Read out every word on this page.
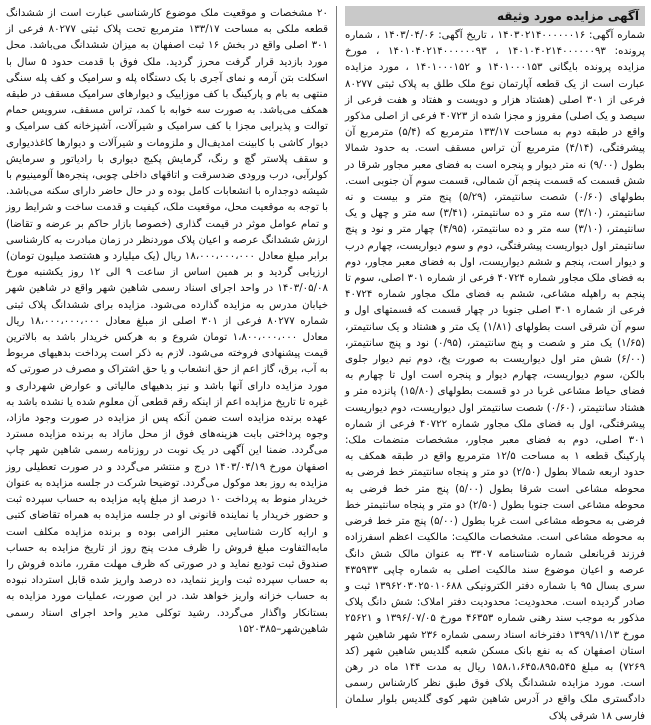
۲۰ مشخصات و موقعیت ملک موضوع کارشناسی عبارت است از ششدانگ قطعه ملکی به مساحت ۱۳۳/۱۷ مترمربع تحت پلاک ثبتی ۸۰۲۷۷ فرعی از ۳۰۱ اصلی واقع در بخش ۱۶ ثبت اصفهان به میزان ششدانگ می‌باشد. محل مورد بازدید قرار گرفت محرز گردید. ملک فوق با قدمت حدود ۵ سال با اسکلت بتن آرمه و نمای آجری با یک دستگاه پله و سرامیک و کف پله سنگی منتهی به بام و پارکینگ با کف موزاییک و دیوارهای سرامیک مسقف در طبقه همکف می‌باشد. به صورت سه خوابه با کمد، تراس مسقف، سرویس حمام توالت و پذیرایی مجزا با کف سرامیک و شیرآلات، آشپزخانه کف سرامیک و دیوار کاشی با کابینت امدیف‌ال و ملزومات و شیرآلات و دیوارها کاغذدیواری و سقف پلاستر گچ و رنگ، گرمایش پکیج دیواری با رادیاتور و سرمایش کولرآبی، درب ورودی ضدسرقت و اتاقهای داخلی چوبی، پنجره‌ها آلومینیوم با شیشه دوجداره با انشعابات کامل بوده و در حال حاضر دارای سکنه می‌باشد. با توجه به موقعیت محل، موقعیت ملک، کیفیت و قدمت ساخت و شرایط روز و تمام عوامل موثر در قیمت گذاری (خصوصا بازار حاکم بر عرضه و تقاضا) ارزش ششدانگ عرصه و اعیان پلاک موردنظر در زمان مبادرت به کارشناسی برابر مبلغ معادل ۱۸،۰۰۰،۰۰۰،۰۰۰ ریال (یک میلیارد و هشتصد میلیون تومان) ارزیابی گردید و بر همین اساس از ساعت ۹ الی ۱۲ روز یکشنبه مورخ ۱۴۰۳/۰۵/۰۸ در واحد اجرای اسناد رسمی شاهین شهر واقع در شاهین شهر خیابان مدرس به مزایده گذارده می‌شود. مزایده برای ششدانگ پلاک ثبتی شماره ۸۰۲۷۷ فرعی از ۳۰۱ اصلی از مبلغ معادل ۱۸،۰۰۰،۰۰۰،۰۰۰ ریال معادل ۱،۸۰۰،۰۰۰،۰۰۰ تومان شروع و به هرکس خریدار باشد به بالاترین قیمت پیشنهادی فروخته می‌شود. لازم به ذکر است پرداخت بدهیهای مربوط به آب، برق، گاز اعم از حق انشعاب و یا حق اشتراک و مصرف در صورتی که مورد مزایده دارای آنها باشد و نیز بدهیهای مالیاتی و عوارض شهرداری و غیره تا تاریخ مزایده اعم از اینکه رقم قطعی آن معلوم شده یا نشده باشد به عهده برنده مزایده است ضمن آنکه پس از مزایده در صورت وجود مازاد، وجوه پرداختی بابت هزینه‌های فوق از محل مازاد به برنده مزایده مسترد می‌گردد. ضمنا این آگهی در یک نوبت در روزنامه رسمی شاهین شهر چاپ اصفهان مورخ ۱۴۰۳/۰۴/۱۹ درج و منتشر می‌گردد و در صورت تعطیلی روز مزایده به روز بعد موکول می‌گردد. توضیحا شرکت در جلسه مزایده به عنوان خریدار منوط به پرداخت ۱۰ درصد از مبلغ پایه مزایده به حساب سپرده ثبت و حضور خریدار یا نماینده قانونی او در جلسه مزایده به همراه تقاضای کتبی و ارایه کارت شناسایی معتبر الزامی بوده و برنده مزایده مکلف است مابه‌التفاوت مبلغ فروش را ظرف مدت پنج روز از تاریخ مزایده به حساب صندوق ثبت تودیع نماید و در صورتی که ظرف مهلت مقرر، مانده فروش را به حساب سپرده ثبت واریز ننماید، ده درصد واریز شده قابل استرداد نبوده به حساب خزانه واریز خواهد شد. در این صورت، عملیات مورد مزایده به بستانکار واگذار می‌گردد. رشید توکلی مدیر واحد اجرای اسناد رسمی شاهین‌شهر–۱۵۲۰۳۸۵

آگهی مزایده مورد وثیقه

شماره آگهی: ۱۴۰۳۰۲۱۴۰۰۰۰۰۰۱۶ ، تاریخ آگهی: ۱۴۰۳/۰۴/۰۶ ، شماره پرونده: ۱۴۰۱۰۴۰۲۱۴۰۰۰۰۰۰۹۳ ، ۱۴۰۱۰۴۰۲۱۴۰۰۰۰۰۰۹۳ ، مورخ مزایده پرونده بایگانی ۱۴۰۱۰۰۰۱۵۳ و ۱۴۰۱۰۰۰۱۵۲ ، مورد مزایده عبارت است از یک قطعه آپارتمان نوع ملک طلق به پلاک ثبتی ۸۰۲۷۷ فرعی از ۳۰۱ اصلی (هشتاد هزار و دویست و هفتاد و هفت فرعی از سیصد و یک اصلی) مفروز و مجزا شده از ۴۰۷۲۳ فرعی از اصلی مذکور واقع در طبقه دوم به مساحت ۱۳۳/۱۷ مترمربع که (۵/۴) مترمربع آن پیشرفتگی، (۴/۱۴) مترمربع آن تراس مسقف است. به حدود شمالا بطول (۹/۰۰) نه متر دیوار و پنجره است به فضای معبر مجاور شرقا در شش قسمت که قسمت پنجم آن شمالی، قسمت سوم آن جنوبی است. بطولهای (۰/۶۰) شصت سانتیمتر، (۵/۲۹) پنج متر و بیست و نه سانتیمتر، (۳/۱۰) سه متر و ده سانتیمتر، (۳/۴۱) سه متر و چهل و یک سانتیمتر، (۳/۱۰) سه متر و ده سانتیمتر، (۴/۹۵) چهار متر و نود و پنج سانتیمتر اول دیواریست پیشرفتگی، دوم و سوم دیواریست، چهارم درب و دیوار است، پنجم و ششم دیواریست، اول به فضای معبر مجاور، دوم به فضای ملک مجاور شماره ۴۰۷۲۴ فرعی از شماره ۳۰۱ اصلی، سوم تا پنجم به راهپله مشاعی، ششم به فضای ملک مجاور شماره ۴۰۷۲۴ فرعی از شماره ۳۰۱ اصلی جنوبا در چهار قسمت که قسمتهای اول و سوم آن شرقی است بطولهای (۱/۸۱) یک متر و هشتاد و یک سانتیمتر، (۱/۶۵) یک متر و شصت و پنج سانتیمتر، (۰/۹۵) نود و پنج سانتیمتر، (۶/۰۰) شش متر اول دیواریست به صورت پخ، دوم نیم دیوار جلوی بالکن، سوم دیواریست، چهارم دیوار و پنجره است اول تا چهارم به فضای حیاط مشاعی غربا در دو قسمت بطولهای (۱۵/۸۰) پانزده متر و هشتاد سانتیمتر، (۰/۶۰) شصت سانتیمتر اول دیواریست، دوم دیواریست پیشرفتگی، اول به فضای ملک مجاور شماره ۴۰۷۲۲ فرعی از شماره ۳۰۱ اصلی، دوم به فضای معبر مجاور، مشخصات منضمات ملک: پارکینگ قطعه ۱ به مساحت ۱۲/۵ مترمربع واقع در طبقه همکف به حدود اربعه شمالا بطول (۲/۵۰) دو متر و پنجاه سانتیمتر خط فرضی به محوطه مشاعی است شرقا بطول (۵/۰۰) پنج متر خط فرضی به محوطه مشاعی است جنوبا بطول (۲/۵۰) دو متر و پنجاه سانتیمتر خط فرضی به محوطه مشاعی است غربا بطول (۵/۰۰) پنج متر خط فرضی به محوطه مشاعی است. مشخصات مالکیت: مالکیت اعظم اسفرزاده فرزند قربانعلی شماره شناسنامه ۳۳۰۷ به عنوان مالک شش دانگ عرصه و اعیان موضوع سند مالکیت اصلی به شماره چاپی ۴۳۵۹۳۳ سری بسال ۹۵ با شماره دفتر الکترونیکی ۱۳۹۶۲۰۳۰۲۵۰۱۰۶۸۸ ثبت و صادر گردیده است. محدودیت: محدودیت دفتر املاک: شش دانگ پلاک مذکور به موجب سند رهنی شماره ۴۶۳۵۳ مورخ ۱۳۹۶/۰۷/۰۵ و ۲۵۶۲۱ مورخ ۱۳۹۹/۱۱/۱۳ دفترخانه اسناد رسمی شماره ۲۳۶ شهر شاهین شهر استان اصفهان که به نفع بانک مسکن شعبه گلدیس شاهین شهر (کد ۷۲۶۹) به مبلغ ۱۵۸،۱،۶۴۵،۸۹۵،۵۴۵ ریال به مدت ۱۴۴ ماه در رهن است. مورد مزایده ششدانگ پلاک فوق طبق نظر کارشناس رسمی دادگستری ملک واقع در آدرس شاهین شهر کوی گلدیس بلوار سلمان فارسی ۱۸ شرقی پلاک
